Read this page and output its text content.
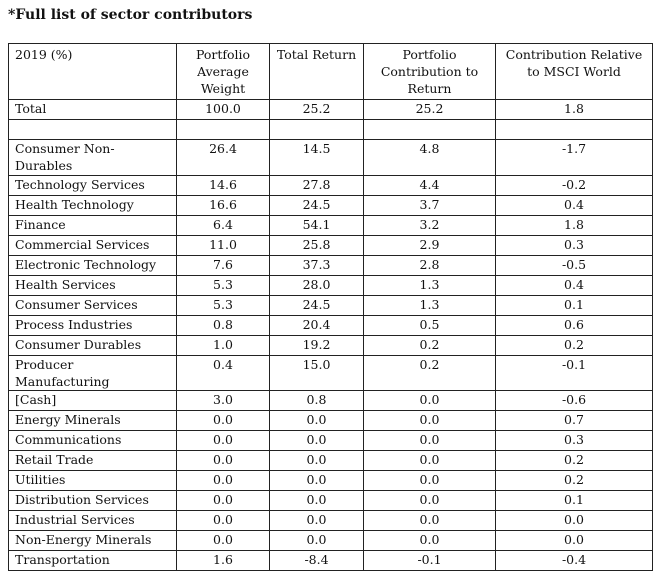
*Full list of sector contributors
2019 (%)	Portfolio Average Weight	Total Return	Portfolio Contribution to Return	Contribution Relative to MSCI World
Total	100.0	25.2	25.2	1.8

Consumer Non-Durables	26.4	14.5	4.8	-1.7
Technology Services	14.6	27.8	4.4	-0.2
Health Technology	16.6	24.5	3.7	0.4
Finance	6.4	54.1	3.2	1.8
Commercial Services	11.0	25.8	2.9	0.3
Electronic Technology	7.6	37.3	2.8	-0.5
Health Services	5.3	28.0	1.3	0.4
Consumer Services	5.3	24.5	1.3	0.1
Process Industries	0.8	20.4	0.5	0.6
Consumer Durables	1.0	19.2	0.2	0.2
Producer Manufacturing	0.4	15.0	0.2	-0.1
[Cash]	3.0	0.8	0.0	-0.6
Energy Minerals	0.0	0.0	0.0	0.7
Communications	0.0	0.0	0.0	0.3
Retail Trade	0.0	0.0	0.0	0.2
Utilities	0.0	0.0	0.0	0.2
Distribution Services	0.0	0.0	0.0	0.1
Industrial Services	0.0	0.0	0.0	0.0
Non-Energy Minerals	0.0	0.0	0.0	0.0
Transportation	1.6	-8.4	-0.1	-0.4
